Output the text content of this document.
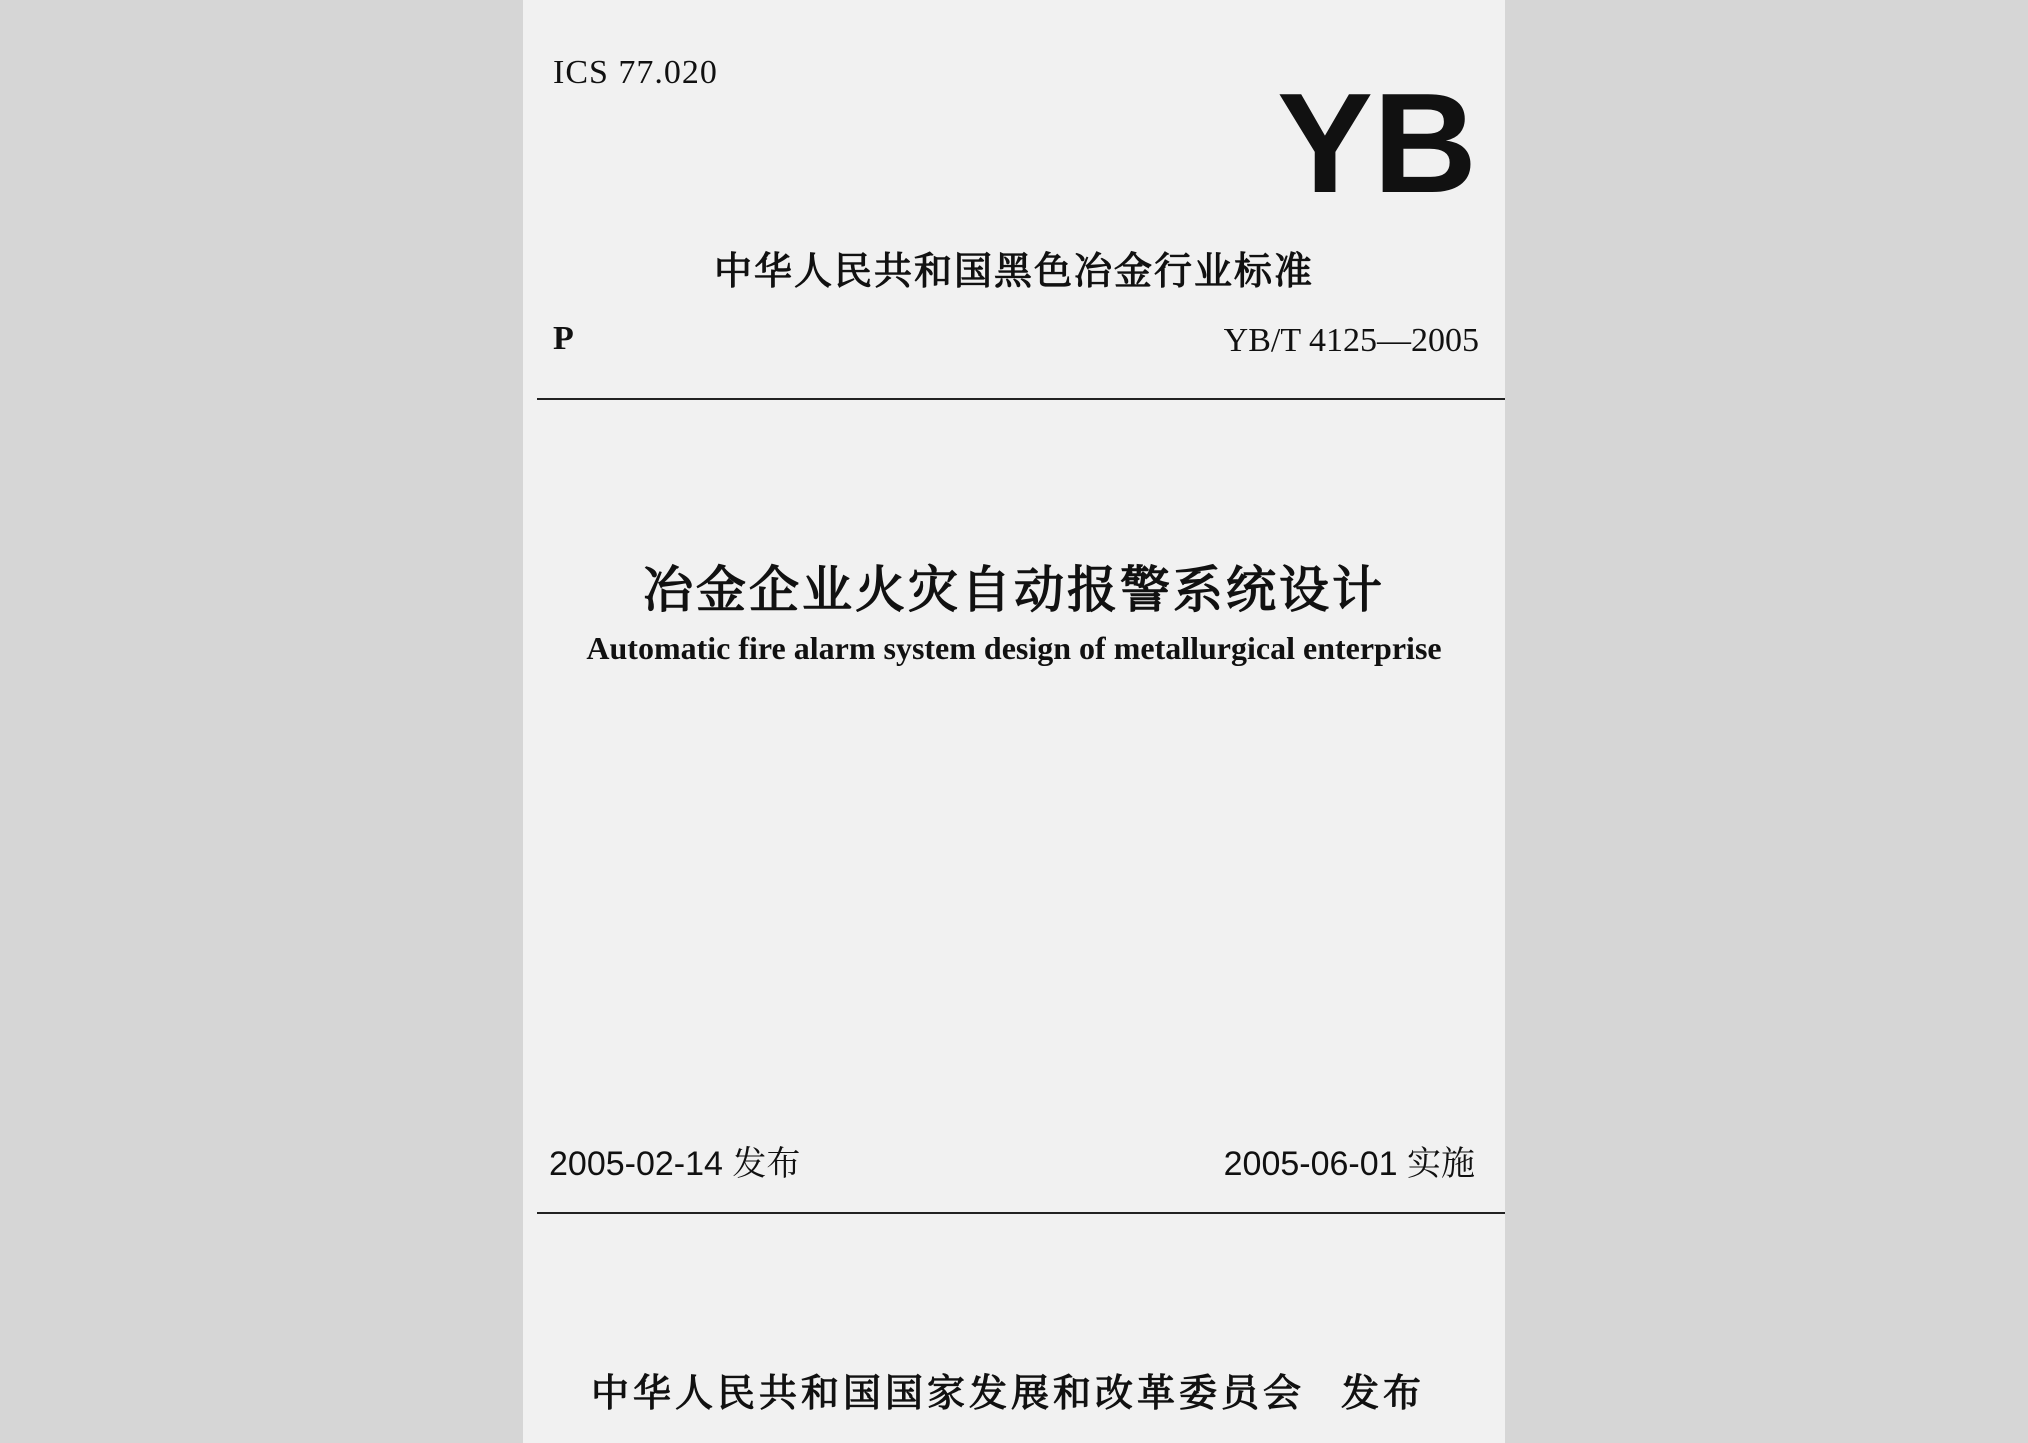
ICS 77.020	YB
中华人民共和国黑色冶金行业标准
P	YB/T 4125—2005
冶金企业火灾自动报警系统设计
Automatic fire alarm system design of metallurgical enterprise
2005-02-14 发布	2005-06-01 实施
中华人民共和国国家发展和改革委员会 发布
